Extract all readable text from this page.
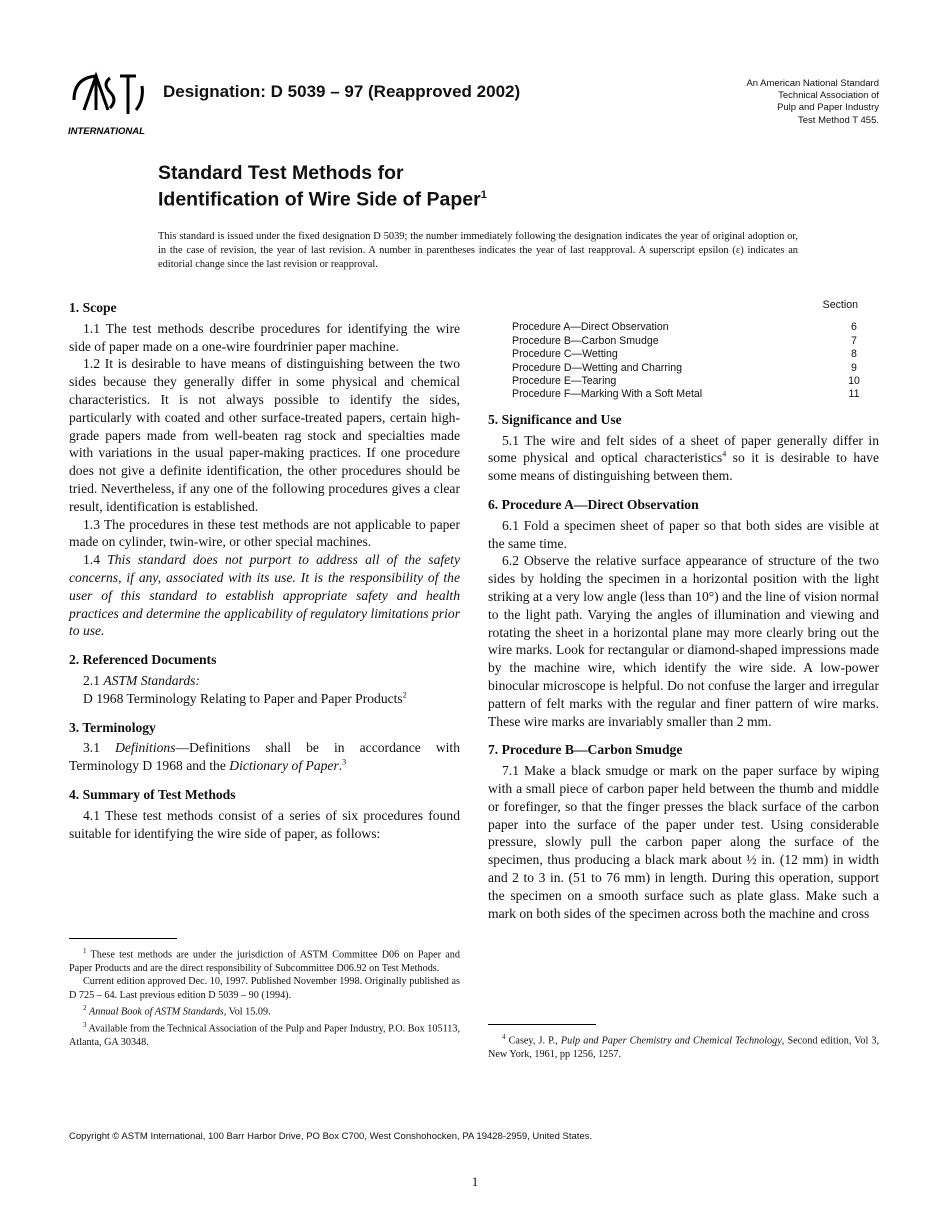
INTERNATIONAL
Designation: D 5039 – 97 (Reapproved 2002)	An American National Standard
Technical Association of
Pulp and Paper Industry
Test Method T 455.
Standard Test Methods for
Identification of Wire Side of Paper$^1$
This standard is issued under the fixed designation D 5039; the number immediately following the designation indicates the year of original adoption or, in the case of revision, the year of last revision. A number in parentheses indicates the year of last reapproval. A superscript epsilon (ε) indicates an editorial change since the last revision or reapproval.
1. Scope

1.1 The test methods describe procedures for identifying the wire side of paper made on a one-wire fourdrinier paper machine.

1.2 It is desirable to have means of distinguishing between the two sides because they generally differ in some physical and chemical characteristics. It is not always possible to identify the sides, particularly with coated and other surface-treated papers, certain high-grade papers made from well-beaten rag stock and specialties made with variations in the usual paper-making practices. If one procedure does not give a definite identification, the other procedures should be tried. Nevertheless, if any one of the following procedures gives a clear result, identification is established.

1.3 The procedures in these test methods are not applicable to paper made on cylinder, twin-wire, or other special machines.

1.4 This standard does not purport to address all of the safety concerns, if any, associated with its use. It is the responsibility of the user of this standard to establish appropriate safety and health practices and determine the applicability of regulatory limitations prior to use.

2. Referenced Documents

2.1 ASTM Standards:

D 1968 Terminology Relating to Paper and Paper Products$^2$

3. Terminology

3.1 Definitions—Definitions shall be in accordance with Terminology D 1968 and the Dictionary of Paper.$^3$

4. Summary of Test Methods

4.1 These test methods consist of a series of six procedures found suitable for identifying the wire side of paper, as follows:

Section
Procedure A—Direct Observation	6
Procedure B—Carbon Smudge	7
Procedure C—Wetting	8
Procedure D—Wetting and Charring	9
Procedure E—Tearing	10
Procedure F—Marking With a Soft Metal	11
5. Significance and Use

5.1 The wire and felt sides of a sheet of paper generally differ in some physical and optical characteristics$^4$ so it is desirable to have some means of distinguishing between them.

6. Procedure A—Direct Observation

6.1 Fold a specimen sheet of paper so that both sides are visible at the same time.

6.2 Observe the relative surface appearance of structure of the two sides by holding the specimen in a horizontal position with the light striking at a very low angle (less than 10°) and the line of vision normal to the light path. Varying the angles of illumination and viewing and rotating the sheet in a horizontal plane may more clearly bring out the wire marks. Look for rectangular or diamond-shaped impressions made by the machine wire, which identify the wire side. A low-power binocular microscope is helpful. Do not confuse the larger and irregular pattern of felt marks with the regular and finer pattern of wire marks. These wire marks are invariably smaller than 2 mm.

7. Procedure B—Carbon Smudge

7.1 Make a black smudge or mark on the paper surface by wiping with a small piece of carbon paper held between the thumb and middle or forefinger, so that the finger presses the black surface of the carbon paper into the surface of the paper under test. Using considerable pressure, slowly pull the carbon paper along the surface of the specimen, thus producing a black mark about ½ in. (12 mm) in width and 2 to 3 in. (51 to 76 mm) in length. During this operation, support the specimen on a smooth surface such as plate glass. Make such a mark on both sides of the specimen across both the machine and cross

$^1$ These test methods are under the jurisdiction of ASTM Committee D06 on Paper and Paper Products and are the direct responsibility of Subcommittee D06.92 on Test Methods.

Current edition approved Dec. 10, 1997. Published November 1998. Originally published as D 725 – 64. Last previous edition D 5039 – 90 (1994).

$^2$ Annual Book of ASTM Standards, Vol 15.09.

$^3$ Available from the Technical Association of the Pulp and Paper Industry, P.O. Box 105113, Atlanta, GA 30348.

$^4$ Casey, J. P., Pulp and Paper Chemistry and Chemical Technology, Second edition, Vol 3, New York, 1961, pp 1256, 1257.

Copyright © ASTM International, 100 Barr Harbor Drive, PO Box C700, West Conshohocken, PA 19428-2959, United States.
1
